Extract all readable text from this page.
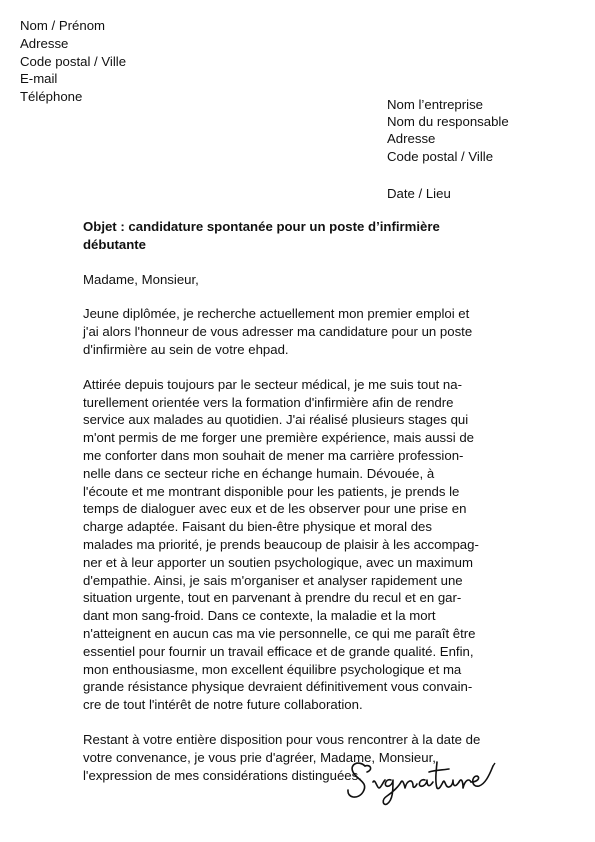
Nom / Prénom
Adresse
Code postal / Ville
E-mail
Téléphone
Nom l’entreprise
Nom du responsable
Adresse
Code postal / Ville
Date / Lieu
Objet : candidature spontanée pour un poste d’infirmière
débutante
Madame, Monsieur,
Jeune diplômée, je recherche actuellement mon premier emploi et
j'ai alors l'honneur de vous adresser ma candidature pour un poste
d'infirmière au sein de votre ehpad.
Attirée depuis toujours par le secteur médical, je me suis tout na-
turellement orientée vers la formation d'infirmière afin de rendre
service aux malades au quotidien. J'ai réalisé plusieurs stages qui
m'ont permis de me forger une première expérience, mais aussi de
me conforter dans mon souhait de mener ma carrière profession-
nelle dans ce secteur riche en échange humain. Dévouée, à
l'écoute et me montrant disponible pour les patients, je prends le
temps de dialoguer avec eux et de les observer pour une prise en
charge adaptée. Faisant du bien-être physique et moral des
malades ma priorité, je prends beaucoup de plaisir à les accompag-
ner et à leur apporter un soutien psychologique, avec un maximum
d'empathie. Ainsi, je sais m'organiser et analyser rapidement une
situation urgente, tout en parvenant à prendre du recul et en gar-
dant mon sang-froid. Dans ce contexte, la maladie et la mort
n'atteignent en aucun cas ma vie personnelle, ce qui me paraît être
essentiel pour fournir un travail efficace et de grande qualité. Enfin,
mon enthousiasme, mon excellent équilibre psychologique et ma
grande résistance physique devraient définitivement vous convain-
cre de tout l'intérêt de notre future collaboration.
Restant à votre entière disposition pour vous rencontrer à la date de
votre convenance, je vous prie d'agréer, Madame, Monsieur,
l'expression de mes considérations distinguées.
